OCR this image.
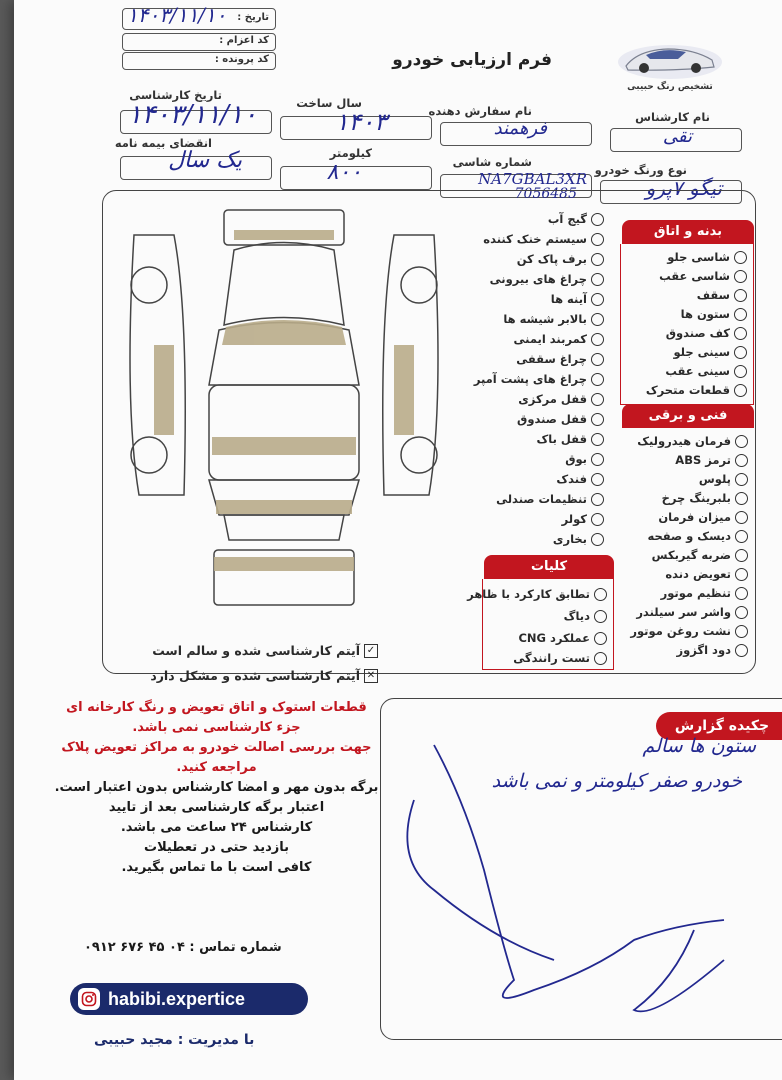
تشخیص رنگ حبیبی
فرم ارزیابی خودرو
تاریخ :
۱۴۰۳/۱۱/۱۰
کد اعزام :
کد پرونده :
نام کارشناس
نام سفارش دهنده
سال ساخت
تاریخ کارشناسی
تقی
فرهمند
۱۴۰۳
۱۴۰۳/۱۱/۱۰
نوع ورنگ خودرو
شماره شاسی
کیلومتر
انقضای بیمه نامه
تیگو ۷پرو
NA7GBAL3XR
7056485
۸۰۰
یک سال
گیج آب
سیستم خنک کننده
برف پاک کن
چراغ های بیرونی
آینه ها
بالابر شیشه ها
کمربند ایمنی
چراغ سقفی
چراغ های پشت آمپر
قفل مرکزی
قفل صندوق
قفل باک
بوق
فندک
تنظیمات صندلی
کولر
بخاری
بدنه و اتاق
شاسی جلو
شاسی عقب
سقف
ستون ها
کف صندوق
سینی جلو
سینی عقب
قطعات متحرک
فنی و برقی
فرمان هیدرولیک
ترمز ABS
پلوس
بلبرینگ چرخ
میزان فرمان
دیسک و صفحه
ضربه گیربکس
تعویض دنده
تنظیم موتور
واشر سر سیلندر
نشت روغن موتور
دود اگزوز
کلیات
تطابق کارکرد با ظاهر
دیاگ
عملکرد CNG
تست رانندگی
✓
آیتم کارشناسی شده و سالم است
✕
آیتم کارشناسی شده و مشکل دارد
قطعات استوک و اتاق تعویض و رنگ کارخانه ای
جزء کارشناسی نمی باشد.
جهت بررسی اصالت خودرو به مراکز تعویض پلاک
مراجعه کنید.
برگه بدون مهر و امضا کارشناس بدون اعتبار است.
اعتبار برگه کارشناسی بعد از تایید
کارشناس ۲۴ ساعت می باشد.
بازدید حتی در تعطیلات
کافی است با ما تماس بگیرید.
شماره تماس : ۰۴ ۴۵ ۶۷۶ ۰۹۱۲
habibi.expertice
با مدیریت : مجید حبیبی
چکیده گزارش
ستون ها سالم
خودرو صفر کیلومتر و نمی باشد
